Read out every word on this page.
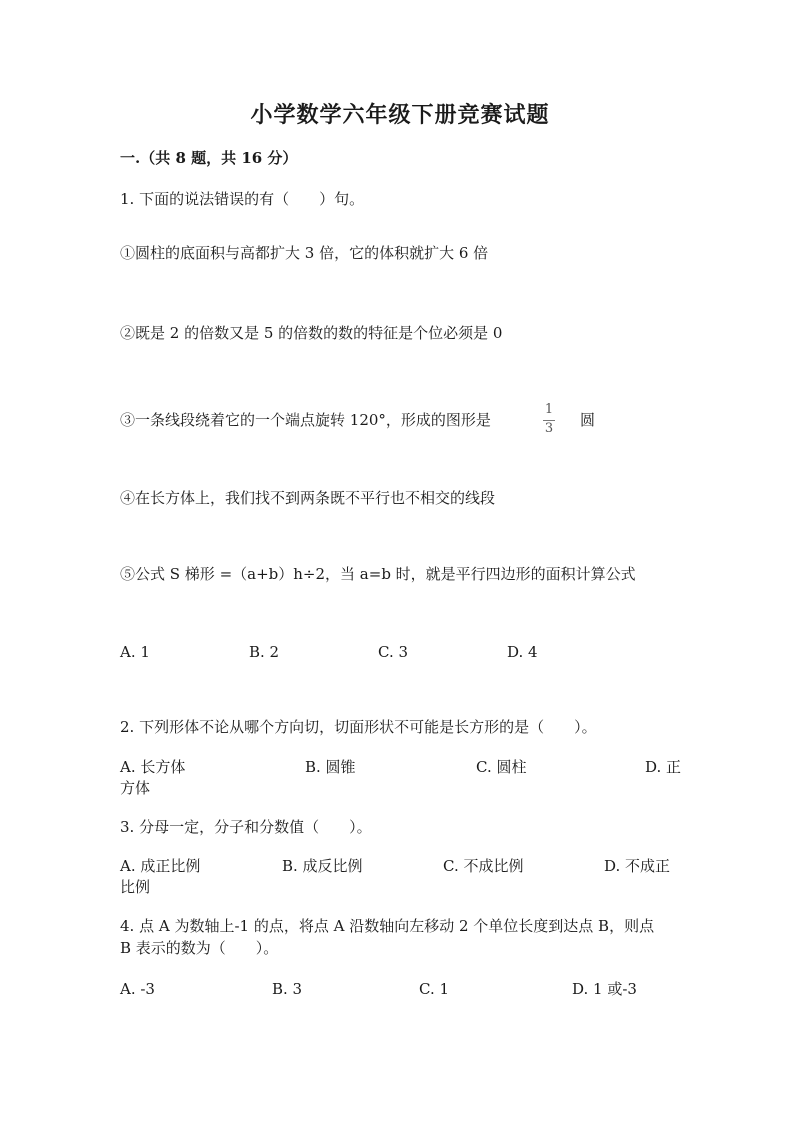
小学数学六年级下册竞赛试题
一.（共 8 题，共 16 分）
1. 下面的说法错误的有（　　）句。
①圆柱的底面积与高都扩大 3 倍，它的体积就扩大 6 倍
②既是 2 的倍数又是 5 的倍数的数的特征是个位必须是 0
③一条线段绕着它的一个端点旋转 120°，形成的图形是
1
3 圆
④在长方体上，我们找不到两条既不平行也不相交的线段
⑤公式 S 梯形 =（a+b）h÷2，当 a=b 时，就是平行四边形的面积计算公式
A. 1	B. 2	C. 3	D. 4
2. 下列形体不论从哪个方向切，切面形状不可能是长方形的是（　　）。
A. 长方体	B. 圆锥	C. 圆柱	D. 正
方体
3. 分母一定，分子和分数值（　　）。
A. 成正比例	B. 成反比例	C. 不成比例	D. 不成正
比例
4. 点 A 为数轴上-1 的点，将点 A 沿数轴向左移动 2 个单位长度到达点 B，则点
B 表示的数为（　　）。
A. -3	B. 3	C. 1	D. 1 或-3
